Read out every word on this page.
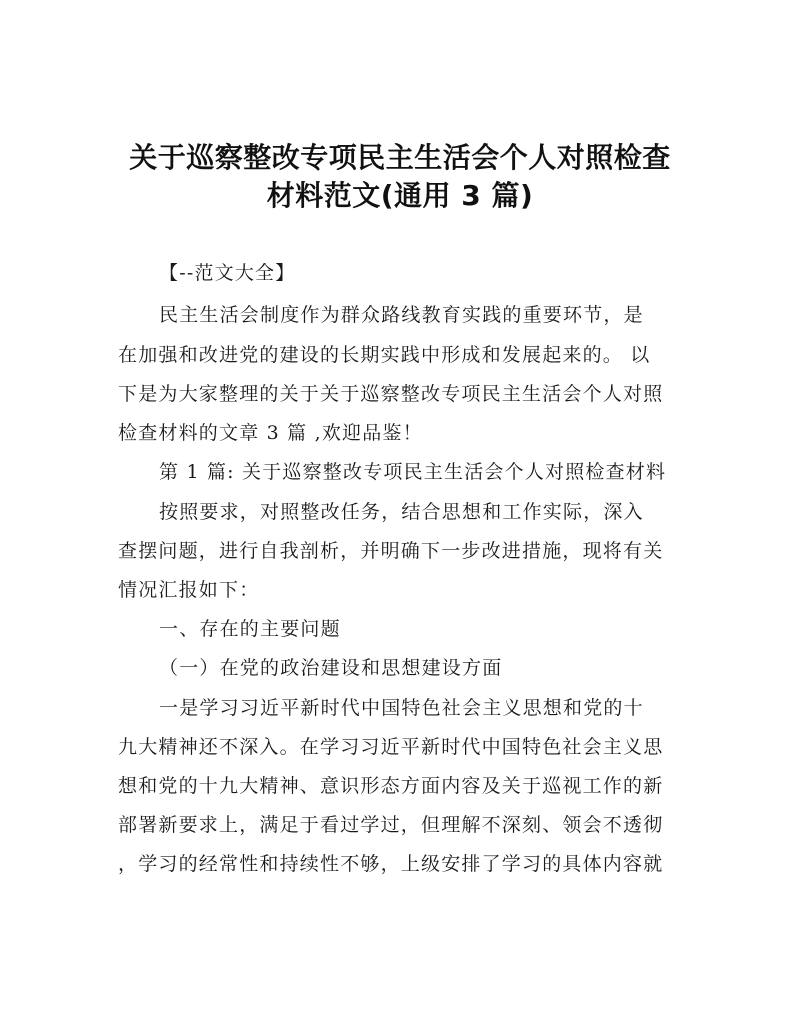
关于巡察整改专项民主生活会个人对照检查
材料范文(通用 3 篇)
【--范文大全】
民主生活会制度作为群众路线教育实践的重要环节，是
在加强和改进党的建设的长期实践中形成和发展起来的。 以
下是为大家整理的关于关于巡察整改专项民主生活会个人对照
检查材料的文章 3 篇 ,欢迎品鉴！
第 1 篇: 关于巡察整改专项民主生活会个人对照检查材料
按照要求，对照整改任务，结合思想和工作实际，深入
查摆问题，进行自我剖析，并明确下一步改进措施，现将有关
情况汇报如下：
一、存在的主要问题
（一）在党的政治建设和思想建设方面
一是学习习近平新时代中国特色社会主义思想和党的十
九大精神还不深入。在学习习近平新时代中国特色社会主义思
想和党的十九大精神、意识形态方面内容及关于巡视工作的新
部署新要求上，满足于看过学过，但理解不深刻、领会不透彻
，学习的经常性和持续性不够，上级安排了学习的具体内容就
